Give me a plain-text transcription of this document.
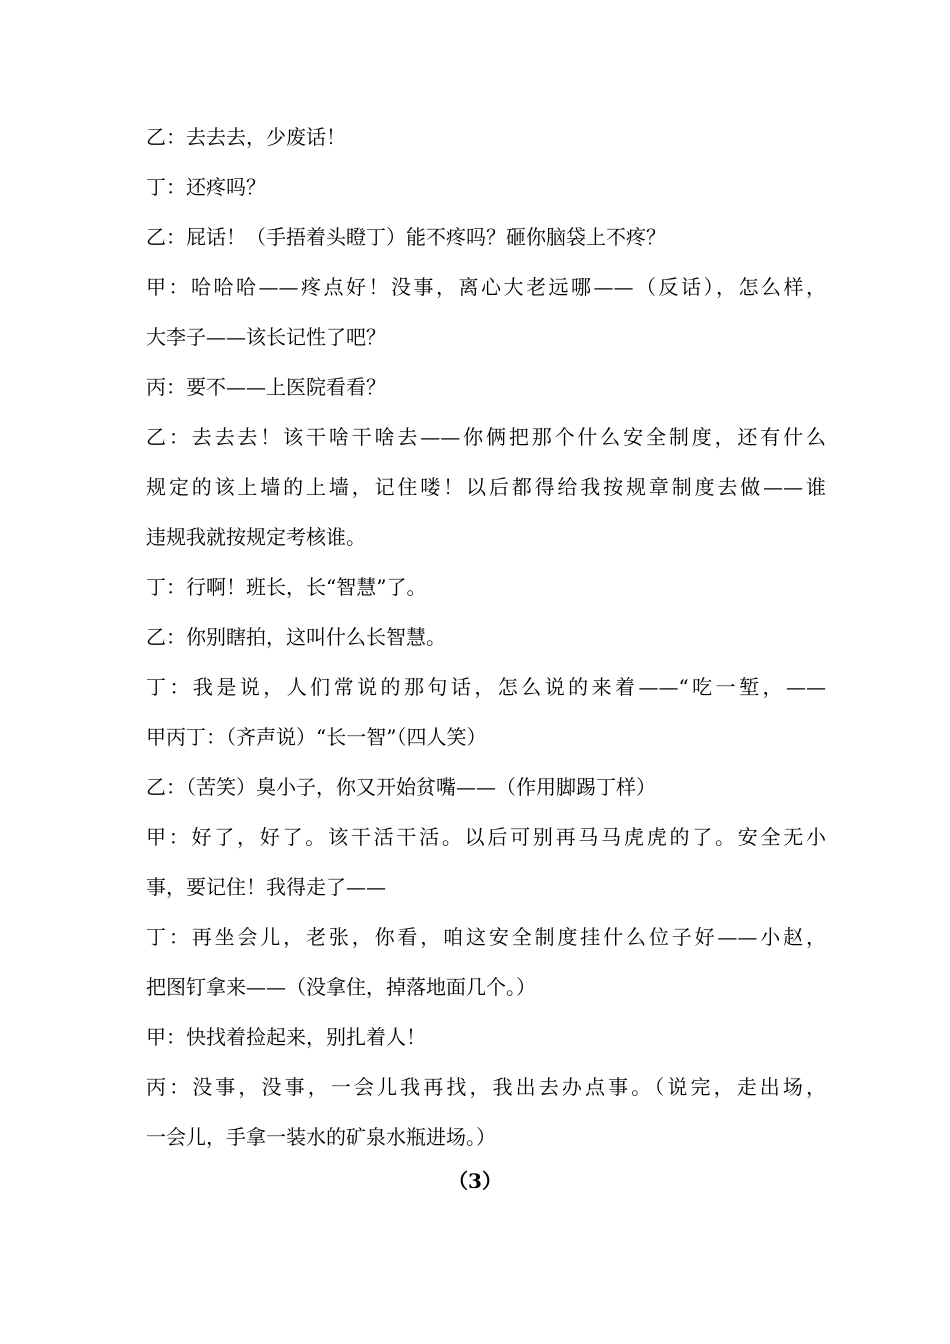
乙：去去去，少废话！
丁：还疼吗？
乙：屁话！（手捂着头瞪丁）能不疼吗？砸你脑袋上不疼？
甲：哈哈哈——疼点好！没事，离心大老远哪——（反话），怎么样，
大李子——该长记性了吧？
丙：要不——上医院看看？
乙：去去去！该干啥干啥去——你俩把那个什么安全制度，还有什么
规定的该上墙的上墙，记住喽！以后都得给我按规章制度去做——谁
违规我就按规定考核谁。
丁：行啊！班长，长“智慧”了。
乙：你别瞎拍，这叫什么长智慧。
丁：我是说，人们常说的那句话，怎么说的来着——“吃一堑，——
甲丙丁：（齐声说）“长一智”（四人笑）
乙：（苦笑）臭小子，你又开始贫嘴——（作用脚踢丁样）
甲：好了，好了。该干活干活。以后可别再马马虎虎的了。安全无小
事，要记住！我得走了——
丁：再坐会儿，老张，你看，咱这安全制度挂什么位子好——小赵，
把图钉拿来——（没拿住，掉落地面几个。）
甲：快找着捡起来，别扎着人！
丙：没事，没事，一会儿我再找，我出去办点事。（说完，走出场，
一会儿，手拿一装水的矿泉水瓶进场。）
（3）
